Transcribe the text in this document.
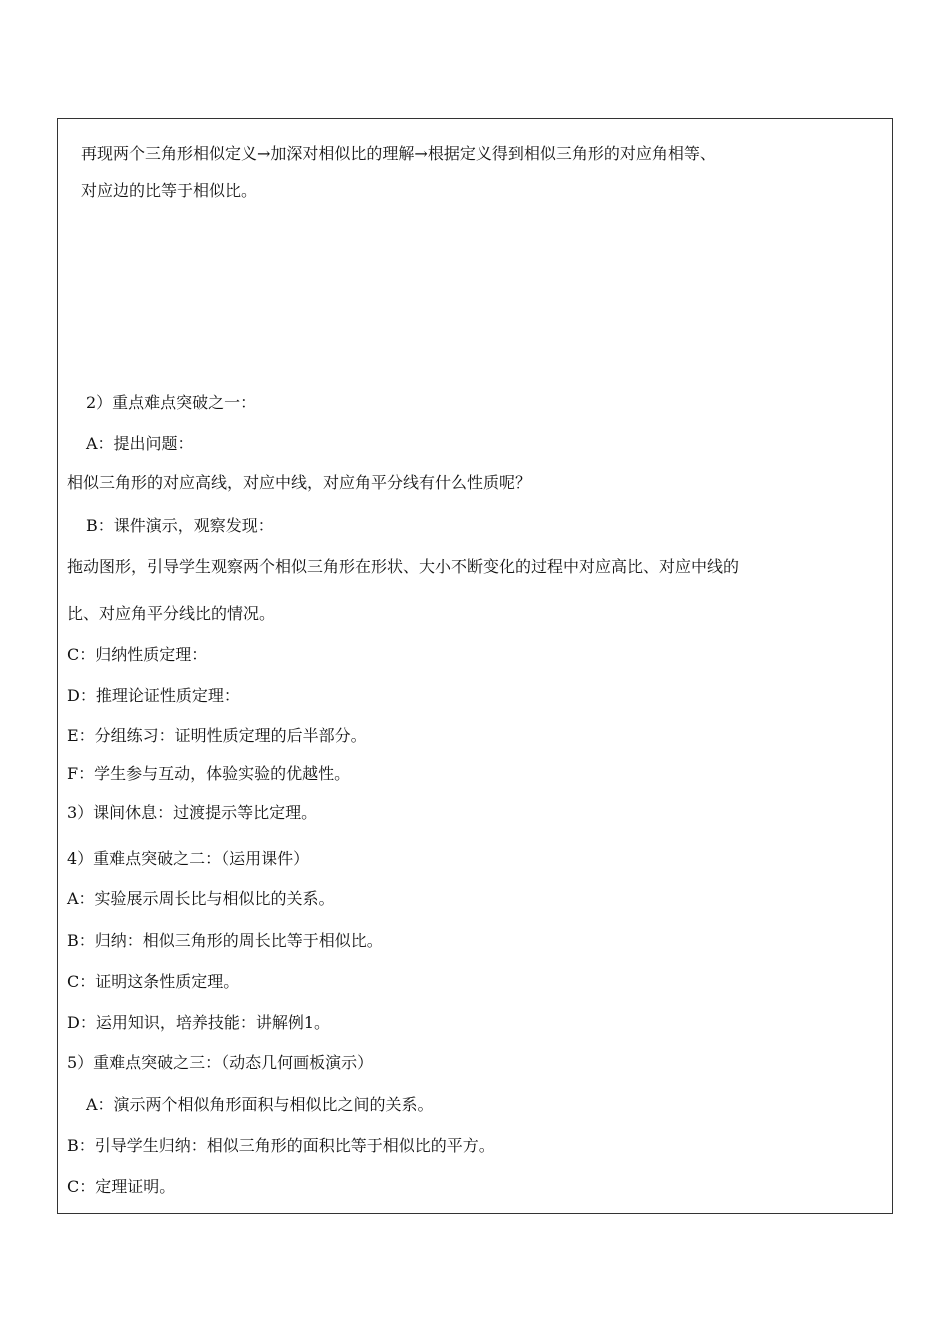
再现两个三角形相似定义→加深对相似比的理解→根据定义得到相似三角形的对应角相等、
对应边的比等于相似比。
2）重点难点突破之一：
A：提出问题：
相似三角形的对应高线，对应中线，对应角平分线有什么性质呢？
B：课件演示，观察发现：
拖动图形，引导学生观察两个相似三角形在形状、大小不断变化的过程中对应高比、对应中线的
比、对应角平分线比的情况。
C：归纳性质定理：
D：推理论证性质定理：
E：分组练习：证明性质定理的后半部分。
F：学生参与互动，体验实验的优越性。
3）课间休息：过渡提示等比定理。
4）重难点突破之二：（运用课件）
A：实验展示周长比与相似比的关系。
B：归纳：相似三角形的周长比等于相似比。
C：证明这条性质定理。
D：运用知识，培养技能：讲解例1。
5）重难点突破之三：（动态几何画板演示）
A：演示两个相似角形面积与相似比之间的关系。
B：引导学生归纳：相似三角形的面积比等于相似比的平方。
C：定理证明。
